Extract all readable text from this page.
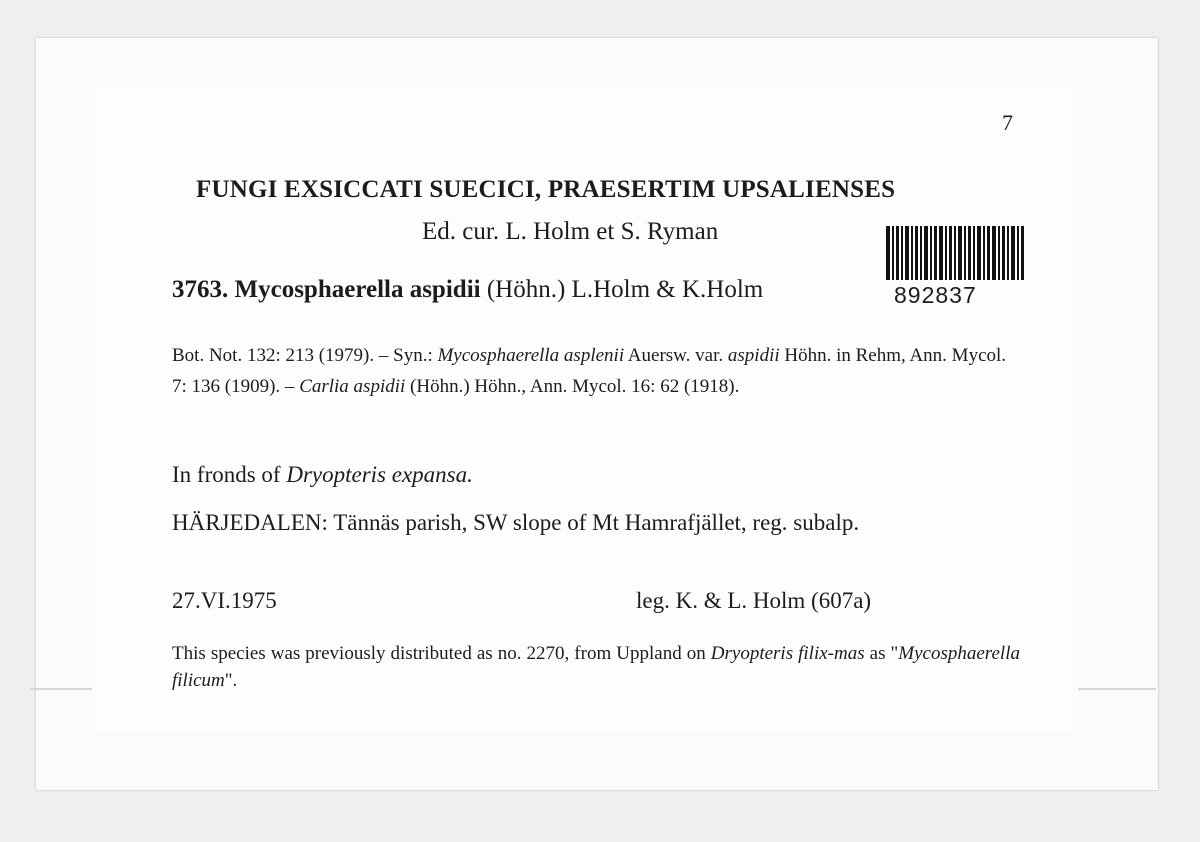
7
FUNGI EXSICCATI SUECICI, PRAESERTIM UPSALIENSES
Ed. cur. L. Holm et S. Ryman
3763. Mycosphaerella aspidii (Höhn.) L.Holm & K.Holm	892837
Bot. Not. 132: 213 (1979). – Syn.: Mycosphaerella asplenii Auersw. var. aspidii Höhn. in Rehm, Ann. Mycol. 7: 136 (1909). – Carlia aspidii (Höhn.) Höhn., Ann. Mycol. 16: 62 (1918).
In fronds of Dryopteris expansa.
HÄRJEDALEN: Tännäs parish, SW slope of Mt Hamrafjället, reg. subalp.
27.VI.1975	leg. K. & L. Holm (607a)
This species was previously distributed as no. 2270, from Uppland on Dryopteris filix-mas as "Mycosphaerella filicum".
